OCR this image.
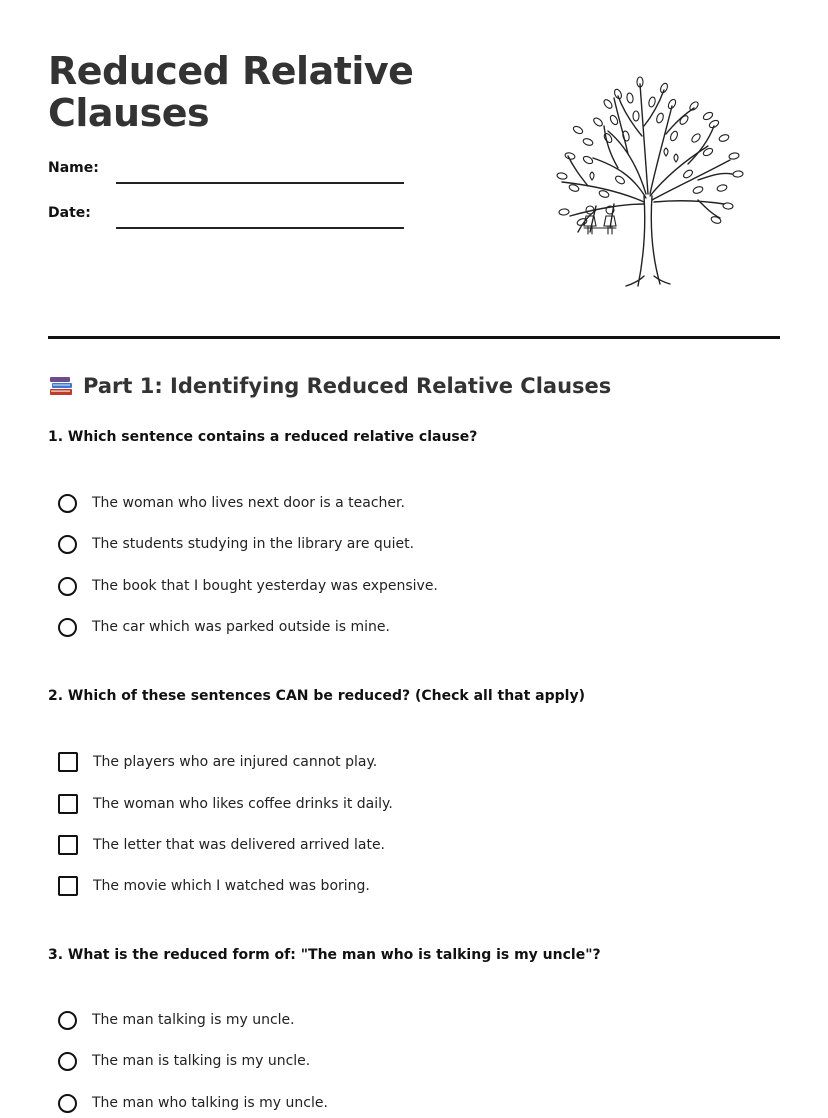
Reduced Relative
Clauses
Name:
Date:
Part 1: Identifying Reduced Relative Clauses

1. Which sentence contains a reduced relative clause?

The woman who lives next door is a teacher.
The students studying in the library are quiet.
The book that I bought yesterday was expensive.
The car which was parked outside is mine.

2. Which of these sentences CAN be reduced? (Check all that apply)

The players who are injured cannot play.
The woman who likes coffee drinks it daily.
The letter that was delivered arrived late.
The movie which I watched was boring.

3. What is the reduced form of: "The man who is talking is my uncle"?

The man talking is my uncle.
The man is talking is my uncle.
The man who talking is my uncle.
